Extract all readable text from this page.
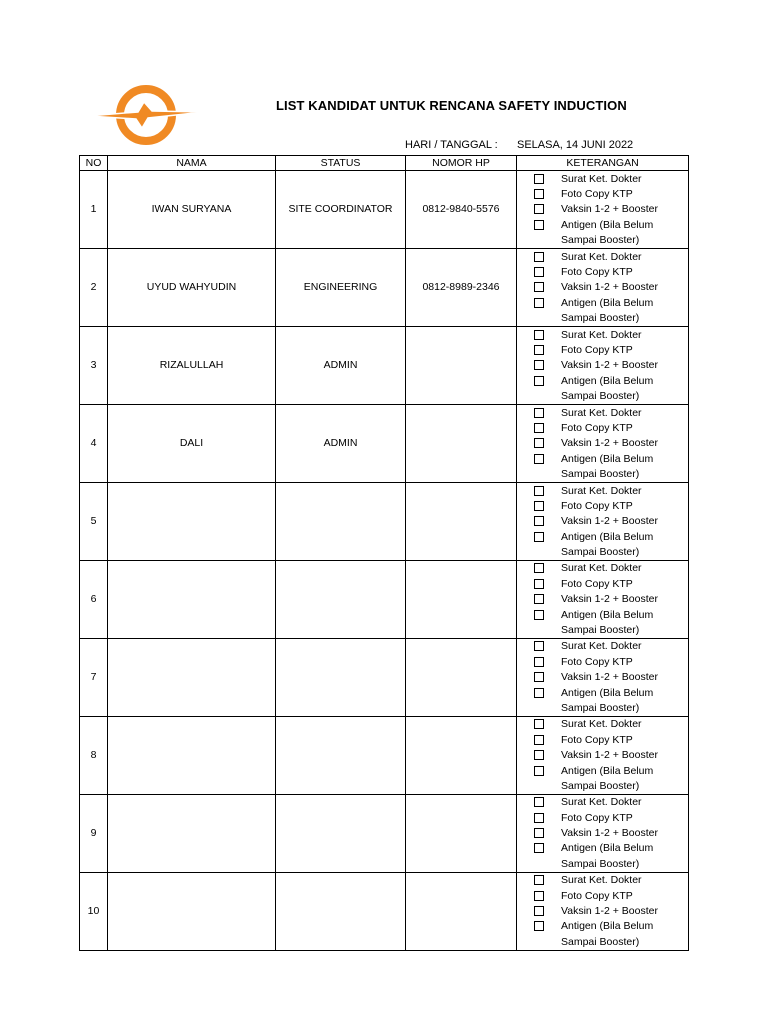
LIST KANDIDAT UNTUK RENCANA SAFETY INDUCTION
HARI / TANGGAL : SELASA, 14 JUNI 2022
NO	NAMA	STATUS	NOMOR HP	KETERANGAN
1	IWAN SURYANA	SITE COORDINATOR	0812-9840-5576	Surat Ket. Dokter
Foto Copy KTP
Vaksin 1-2 + Booster
Antigen (Bila Belum
Sampai Booster)

2	UYUD WAHYUDIN	ENGINEERING	0812-8989-2346	Surat Ket. Dokter
Foto Copy KTP
Vaksin 1-2 + Booster
Antigen (Bila Belum
Sampai Booster)

3	RIZALULLAH	ADMIN		Surat Ket. Dokter
Foto Copy KTP
Vaksin 1-2 + Booster
Antigen (Bila Belum
Sampai Booster)

4	DALI	ADMIN		Surat Ket. Dokter
Foto Copy KTP
Vaksin 1-2 + Booster
Antigen (Bila Belum
Sampai Booster)

5				Surat Ket. Dokter
Foto Copy KTP
Vaksin 1-2 + Booster
Antigen (Bila Belum
Sampai Booster)

6				Surat Ket. Dokter
Foto Copy KTP
Vaksin 1-2 + Booster
Antigen (Bila Belum
Sampai Booster)

7				Surat Ket. Dokter
Foto Copy KTP
Vaksin 1-2 + Booster
Antigen (Bila Belum
Sampai Booster)

8				Surat Ket. Dokter
Foto Copy KTP
Vaksin 1-2 + Booster
Antigen (Bila Belum
Sampai Booster)

9				Surat Ket. Dokter
Foto Copy KTP
Vaksin 1-2 + Booster
Antigen (Bila Belum
Sampai Booster)

10				Surat Ket. Dokter
Foto Copy KTP
Vaksin 1-2 + Booster
Antigen (Bila Belum
Sampai Booster)
